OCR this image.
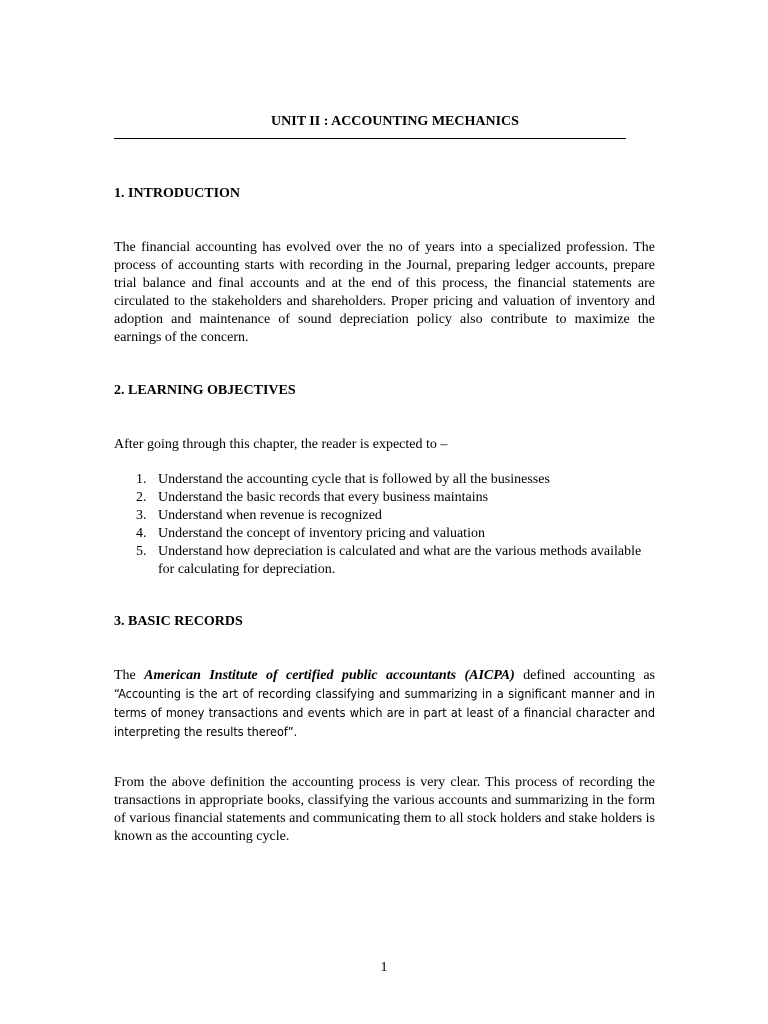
UNIT II : ACCOUNTING MECHANICS
1. INTRODUCTION
The financial accounting has evolved over the no of years into a specialized profession. The process of accounting starts with recording in the Journal, preparing ledger accounts, prepare trial balance and final accounts and at the end of this process, the financial statements are circulated to the stakeholders and shareholders. Proper pricing and valuation of inventory and adoption and maintenance of sound depreciation policy also contribute to maximize the earnings of the concern.
2. LEARNING OBJECTIVES
After going through this chapter, the reader is expected to –
1. Understand the accounting cycle that is followed by all the businesses
2. Understand the basic records that every business maintains
3. Understand when revenue is recognized
4. Understand the concept of inventory pricing and valuation
5. Understand how depreciation is calculated and what are the various methods available for calculating for depreciation.
3. BASIC RECORDS
The American Institute of certified public accountants (AICPA) defined accounting as “Accounting is the art of recording classifying and summarizing in a significant manner and in terms of money transactions and events which are in part at least of a financial character and interpreting the results thereof”.
From the above definition the accounting process is very clear. This process of recording the transactions in appropriate books, classifying the various accounts and summarizing in the form of various financial statements and communicating them to all stock holders and stake holders is known as the accounting cycle.
1
